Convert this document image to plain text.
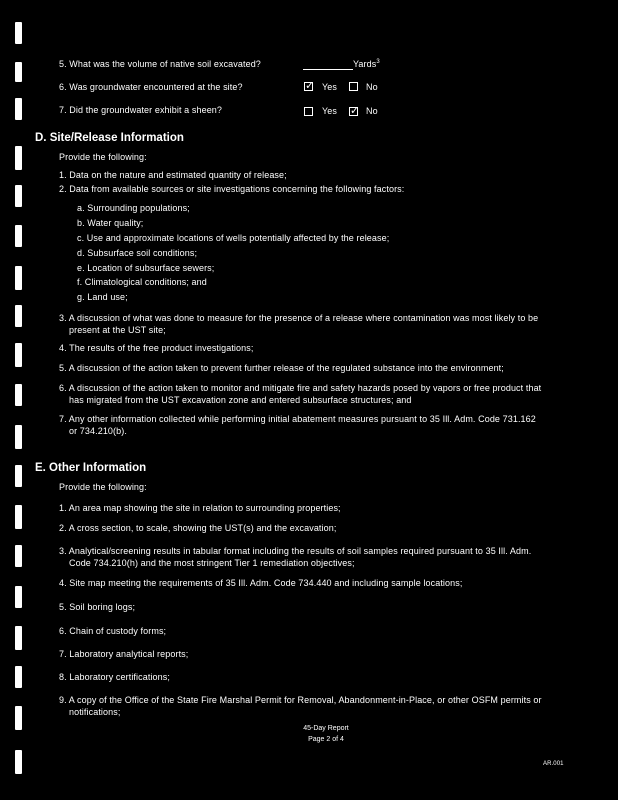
5. What was the volume of native soil excavated?	Yards$^3$
6. Was groundwater encountered at the site? ✓	Yes	No
7. Did the groundwater exhibit a sheen?	Yes ✓	No
D. Site/Release Information
Provide the following:
1. Data on the nature and estimated quantity of release;
2. Data from available sources or site investigations concerning the following factors:
a. Surrounding populations;
b. Water quality;
c. Use and approximate locations of wells potentially affected by the release;
d. Subsurface soil conditions;
e. Location of subsurface sewers;
f. Climatological conditions; and
g. Land use;
3. A discussion of what was done to measure for the presence of a release where contamination was most likely to be
present at the UST site;
4. The results of the free product investigations;
5. A discussion of the action taken to prevent further release of the regulated substance into the environment;
6. A discussion of the action taken to monitor and mitigate fire and safety hazards posed by vapors or free product that
has migrated from the UST excavation zone and entered subsurface structures; and
7. Any other information collected while performing initial abatement measures pursuant to 35 Ill. Adm. Code 731.162
or 734.210(b).
E. Other Information
Provide the following:
1. An area map showing the site in relation to surrounding properties;
2. A cross section, to scale, showing the UST(s) and the excavation;
3. Analytical/screening results in tabular format including the results of soil samples required pursuant to 35 Ill. Adm.
Code 734.210(h) and the most stringent Tier 1 remediation objectives;
4. Site map meeting the requirements of 35 Ill. Adm. Code 734.440 and including sample locations;
5. Soil boring logs;
6. Chain of custody forms;
7. Laboratory analytical reports;
8. Laboratory certifications;
9. A copy of the Office of the State Fire Marshal Permit for Removal, Abandonment-in-Place, or other OSFM permits or
notifications;
45-Day Report
Page 2 of 4
AR.001
